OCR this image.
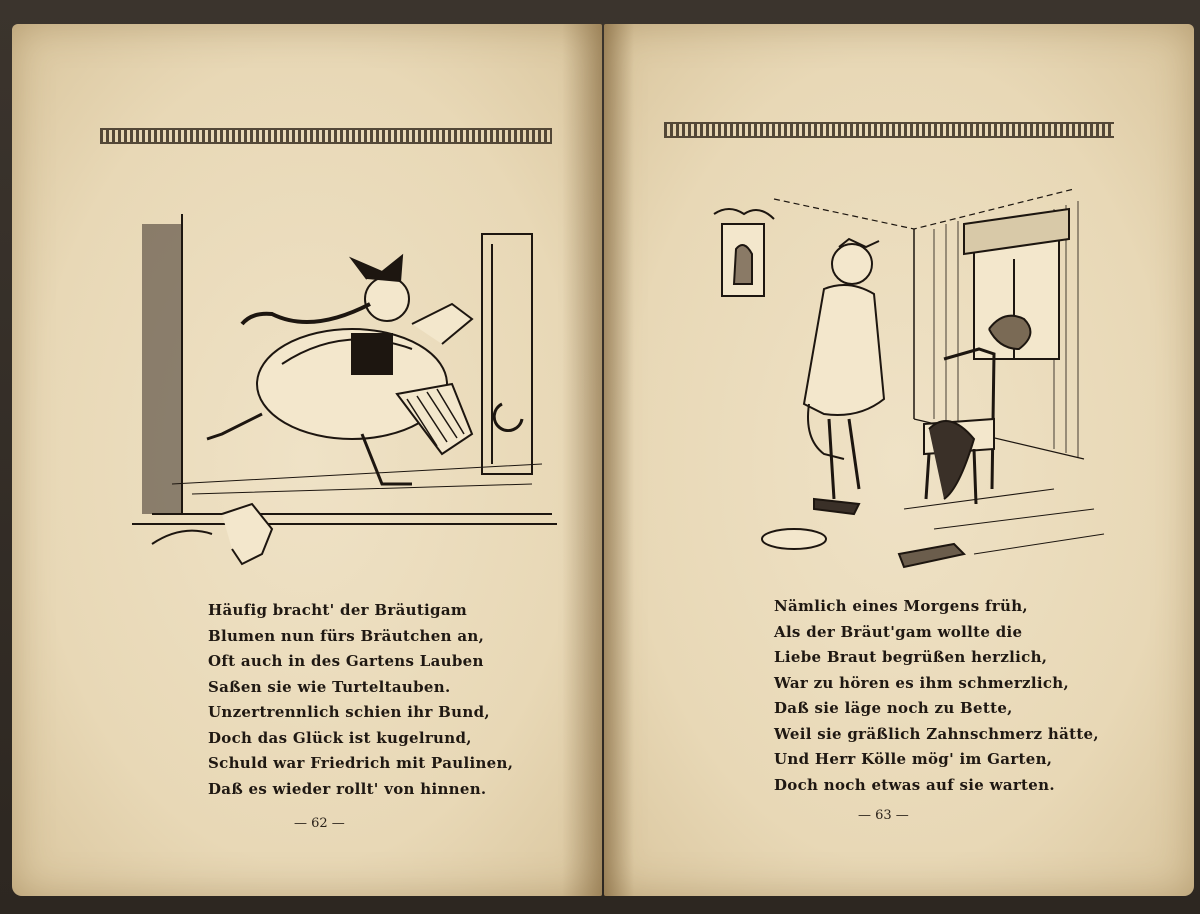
Häufig bracht' der Bräutigam
Blumen nun fürs Bräutchen an,
Oft auch in des Gartens Lauben
Saßen sie wie Turteltauben.
Unzertrennlich schien ihr Bund,
Doch das Glück ist kugelrund,
Schuld war Friedrich mit Paulinen,
Daß es wieder rollt' von hinnen.
— 62 —
Nämlich eines Morgens früh,
Als der Bräut'gam wollte die
Liebe Braut begrüßen herzlich,
War zu hören es ihm schmerzlich,
Daß sie läge noch zu Bette,
Weil sie gräßlich Zahnschmerz hätte,
Und Herr Kölle mög' im Garten,
Doch noch etwas auf sie warten.
— 63 —
